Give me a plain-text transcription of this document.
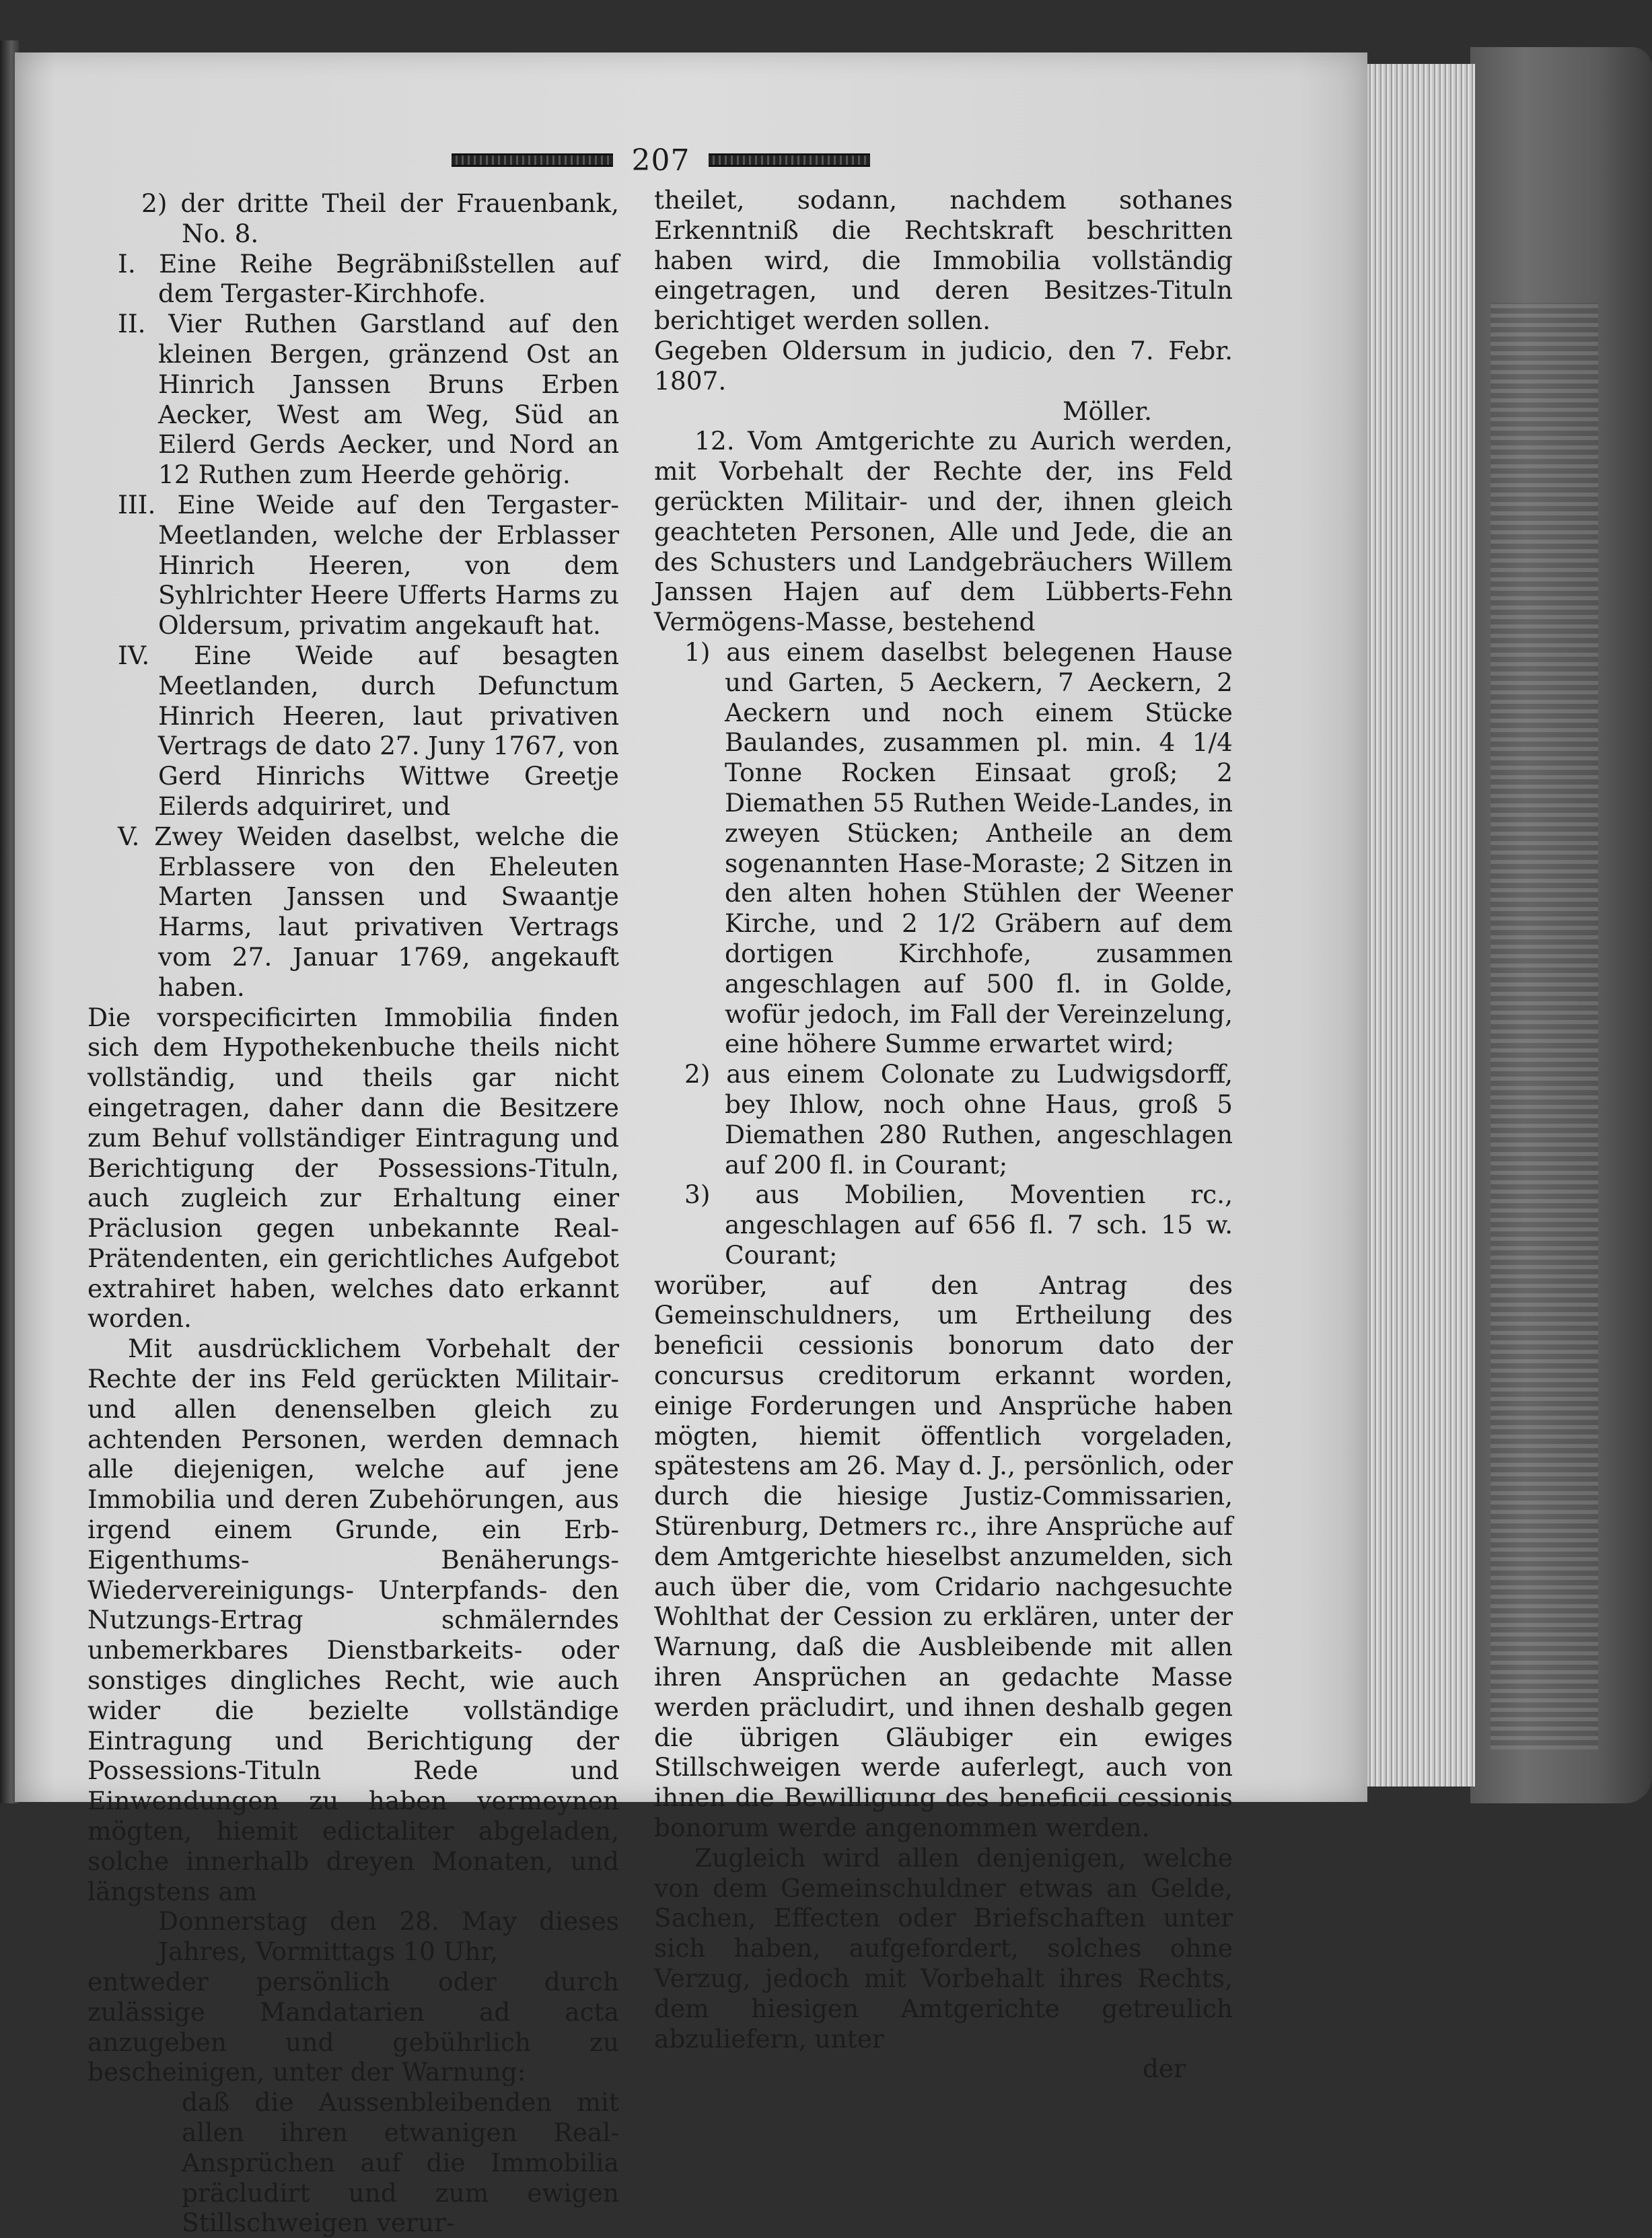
207

2) der dritte Theil der Frauenbank, No. 8.

I. Eine Reihe Begräbnißstellen auf dem Tergaster-Kirchhofe.

II. Vier Ruthen Garstland auf den kleinen Bergen, gränzend Ost an Hinrich Janssen Bruns Erben Aecker, West am Weg, Süd an Eilerd Gerds Aecker, und Nord an 12 Ruthen zum Heerde gehörig.

III. Eine Weide auf den Tergaster-Meetlanden, welche der Erblasser Hinrich Heeren, von dem Syhlrichter Heere Ufferts Harms zu Oldersum, privatim angekauft hat.

IV. Eine Weide auf besagten Meetlanden, durch Defunctum Hinrich Heeren, laut privativen Vertrags de dato 27. Juny 1767, von Gerd Hinrichs Wittwe Greetje Eilerds adquiriret, und

V. Zwey Weiden daselbst, welche die Erblassere von den Eheleuten Marten Janssen und Swaantje Harms, laut privativen Vertrags vom 27. Januar 1769, angekauft haben.

Die vorspecificirten Immobilia finden sich dem Hypothekenbuche theils nicht vollständig, und theils gar nicht eingetragen, daher dann die Besitzere zum Behuf vollständiger Eintragung und Berichtigung der Possessions-Tituln, auch zugleich zur Erhaltung einer Präclusion gegen unbekannte Real-Prätendenten, ein gerichtliches Aufgebot extrahiret haben, welches dato erkannt worden.

Mit ausdrücklichem Vorbehalt der Rechte der ins Feld gerückten Militair- und allen denenselben gleich zu achtenden Personen, werden demnach alle diejenigen, welche auf jene Immobilia und deren Zubehörungen, aus irgend einem Grunde, ein Erb- Eigenthums- Benäherungs- Wiedervereinigungs- Unterpfands- den Nutzungs-Ertrag schmälerndes unbemerkbares Dienstbarkeits- oder sonstiges dingliches Recht, wie auch wider die bezielte vollständige Eintragung und Berichtigung der Possessions-Tituln Rede und Einwendungen zu haben vermeynen mögten, hiemit edictaliter abgeladen, solche innerhalb dreyen Monaten, und längstens am

Donnerstag den 28. May dieses Jahres, Vormittags 10 Uhr,

entweder persönlich oder durch zulässige Mandatarien ad acta anzugeben und gebührlich zu bescheinigen, unter der Warnung:

daß die Aussenbleibenden mit allen ihren etwanigen Real-Ansprüchen auf die Immobilia präcludirt und zum ewigen Stillschweigen verur-

theilet, sodann, nachdem sothanes Erkenntniß die Rechtskraft beschritten haben wird, die Immobilia vollständig eingetragen, und deren Besitzes-Tituln berichtiget werden sollen.

Gegeben Oldersum in judicio, den 7. Febr. 1807.

Möller.

12. Vom Amtgerichte zu Aurich werden, mit Vorbehalt der Rechte der, ins Feld gerückten Militair- und der, ihnen gleich geachteten Personen, Alle und Jede, die an des Schusters und Landgebräuchers Willem Janssen Hajen auf dem Lübberts-Fehn Vermögens-Masse, bestehend

1) aus einem daselbst belegenen Hause und Garten, 5 Aeckern, 7 Aeckern, 2 Aeckern und noch einem Stücke Baulandes, zusammen pl. min. 4 1/4 Tonne Rocken Einsaat groß; 2 Diemathen 55 Ruthen Weide-Landes, in zweyen Stücken; Antheile an dem sogenannten Hase-Moraste; 2 Sitzen in den alten hohen Stühlen der Weener Kirche, und 2 1/2 Gräbern auf dem dortigen Kirchhofe, zusammen angeschlagen auf 500 fl. in Golde, wofür jedoch, im Fall der Vereinzelung, eine höhere Summe erwartet wird;

2) aus einem Colonate zu Ludwigsdorff, bey Ihlow, noch ohne Haus, groß 5 Diemathen 280 Ruthen, angeschlagen auf 200 fl. in Courant;

3) aus Mobilien, Moventien rc., angeschlagen auf 656 fl. 7 sch. 15 w. Courant;

worüber, auf den Antrag des Gemeinschuldners, um Ertheilung des beneficii cessionis bonorum dato der concursus creditorum erkannt worden, einige Forderungen und Ansprüche haben mögten, hiemit öffentlich vorgeladen, spätestens am 26. May d. J., persönlich, oder durch die hiesige Justiz-Commissarien, Stürenburg, Detmers rc., ihre Ansprüche auf dem Amtgerichte hieselbst anzumelden, sich auch über die, vom Cridario nachgesuchte Wohlthat der Cession zu erklären, unter der Warnung, daß die Ausbleibende mit allen ihren Ansprüchen an gedachte Masse werden präcludirt, und ihnen deshalb gegen die übrigen Gläubiger ein ewiges Stillschweigen werde auferlegt, auch von ihnen die Bewilligung des beneficii cessionis bonorum werde angenommen werden.

Zugleich wird allen denjenigen, welche von dem Gemeinschuldner etwas an Gelde, Sachen, Effecten oder Briefschaften unter sich haben, aufgefordert, solches ohne Verzug, jedoch mit Vorbehalt ihres Rechts, dem hiesigen Amtgerichte getreulich abzuliefern, unter

der
